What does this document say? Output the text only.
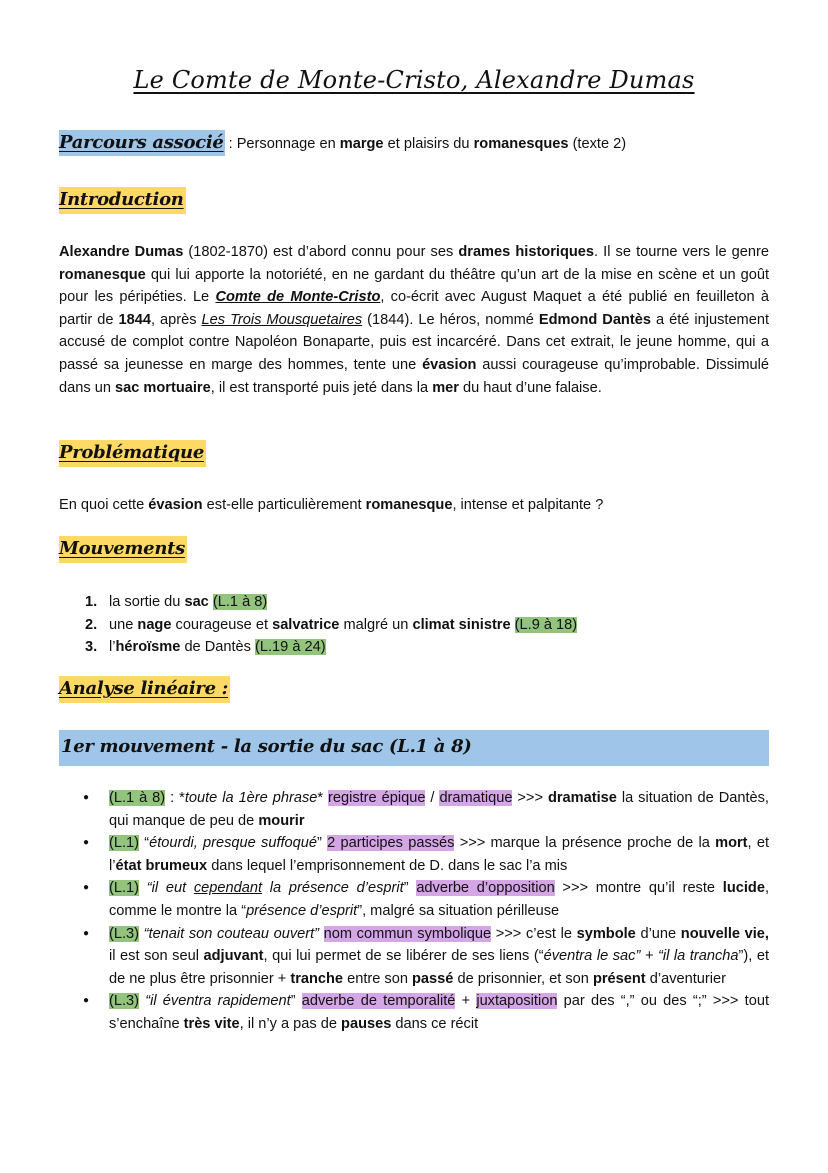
Le Comte de Monte-Cristo, Alexandre Dumas
Parcours associé : Personnage en marge et plaisirs du romanesques (texte 2)
Introduction
Alexandre Dumas (1802-1870) est d’abord connu pour ses drames historiques. Il se tourne vers le genre romanesque qui lui apporte la notoriété, en ne gardant du théâtre qu’un art de la mise en scène et un goût pour les péripéties. Le Comte de Monte-Cristo, co-écrit avec August Maquet a été publié en feuilleton à partir de 1844, après Les Trois Mousquetaires (1844). Le héros, nommé Edmond Dantès a été injustement accusé de complot contre Napoléon Bonaparte, puis est incarcéré. Dans cet extrait, le jeune homme, qui a passé sa jeunesse en marge des hommes, tente une évasion aussi courageuse qu’improbable. Dissimulé dans un sac mortuaire, il est transporté puis jeté dans la mer du haut d’une falaise.
Problématique
En quoi cette évasion est-elle particulièrement romanesque, intense et palpitante ?
Mouvements
1. la sortie du sac (L.1 à 8)
2. une nage courageuse et salvatrice malgré un climat sinistre (L.9 à 18)
3. l’héroïsme de Dantès (L.19 à 24)
Analyse linéaire :
1er mouvement - la sortie du sac (L.1 à 8)
● (L.1 à 8) : *toute la 1ère phrase* registre épique / dramatique >>> dramatise la situation de Dantès, qui manque de peu de mourir
● (L.1) “étourdi, presque suffoqué” 2 participes passés >>> marque la présence proche de la mort, et l’état brumeux dans lequel l’emprisonnement de D. dans le sac l’a mis
● (L.1) “il eut cependant la présence d’esprit” adverbe d’opposition >>> montre qu’il reste lucide, comme le montre la “présence d’esprit”, malgré sa situation périlleuse
● (L.3) “tenait son couteau ouvert” nom commun symbolique >>> c’est le symbole d’une nouvelle vie, il est son seul adjuvant, qui lui permet de se libérer de ses liens (“éventra le sac” + “il la trancha”), et de ne plus être prisonnier + tranche entre son passé de prisonnier, et son présent d’aventurier
● (L.3) “il éventra rapidement” adverbe de temporalité + juxtaposition par des “,” ou des “;” >>> tout s’enchaîne très vite, il n’y a pas de pauses dans ce récit
